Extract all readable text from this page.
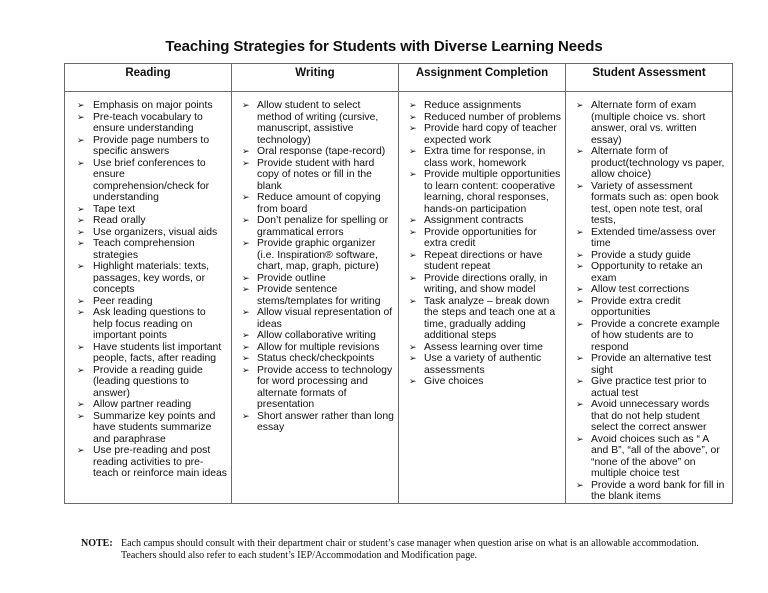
Teaching Strategies for Students with Diverse Learning Needs
Reading	Writing	Assignment Completion	Student Assessment

➢ Emphasis on major points
➢ Pre-teach vocabulary to ensure understanding
➢ Provide page numbers to specific answers
➢ Use brief conferences to ensure comprehension/check for understanding
➢ Tape text
➢ Read orally
➢ Use organizers, visual aids
➢ Teach comprehension strategies
➢ Highlight materials: texts, passages, key words, or concepts
➢ Peer reading
➢ Ask leading questions to help focus reading on important points
➢ Have students list important people, facts, after reading
➢ Provide a reading guide (leading questions to answer)
➢ Allow partner reading
➢ Summarize key points and have students summarize and paraphrase
➢ Use pre-reading and post reading activities to pre-teach or reinforce main ideas

➢ Allow student to select method of writing (cursive, manuscript, assistive technology)
➢ Oral response (tape-record)
➢ Provide student with hard copy of notes or fill in the blank
➢ Reduce amount of copying from board
➢ Don’t penalize for spelling or grammatical errors
➢ Provide graphic organizer (i.e. Inspiration® software, chart, map, graph, picture)
➢ Provide outline
➢ Provide sentence stems/templates for writing
➢ Allow visual representation of ideas
➢ Allow collaborative writing
➢ Allow for multiple revisions
➢ Status check/checkpoints
➢ Provide access to technology for word processing and alternate formats of presentation
➢ Short answer rather than long essay

➢ Reduce assignments
➢ Reduced number of problems
➢ Provide hard copy of teacher expected work
➢ Extra time for response, in class work, homework
➢ Provide multiple opportunities to learn content: cooperative learning, choral responses, hands-on participation
➢ Assignment contracts
➢ Provide opportunities for extra credit
➢ Repeat directions or have student repeat
➢ Provide directions orally, in writing, and show model
➢ Task analyze – break down the steps and teach one at a time, gradually adding additional steps
➢ Assess learning over time
➢ Use a variety of authentic assessments
➢ Give choices

➢ Alternate form of exam (multiple choice vs. short answer, oral vs. written essay)
➢ Alternate form of product(technology vs paper, allow choice)
➢ Variety of assessment formats such as: open book test, open note test, oral tests,
➢ Extended time/assess over time
➢ Provide a study guide
➢ Opportunity to retake an exam
➢ Allow test corrections
➢ Provide extra credit opportunities
➢ Provide a concrete example of how students are to respond
➢ Provide an alternative test sight
➢ Give practice test prior to actual test
➢ Avoid unnecessary words that do not help student select the correct answer
➢ Avoid choices such as “ A and B”, “all of the above”, or “none of the above” on multiple choice test
➢ Provide a word bank for fill in the blank items
NOTE: Each campus should consult with their department chair or student’s case manager when question arise on what is an allowable accommodation.
Teachers should also refer to each student’s IEP/Accommodation and Modification page.
